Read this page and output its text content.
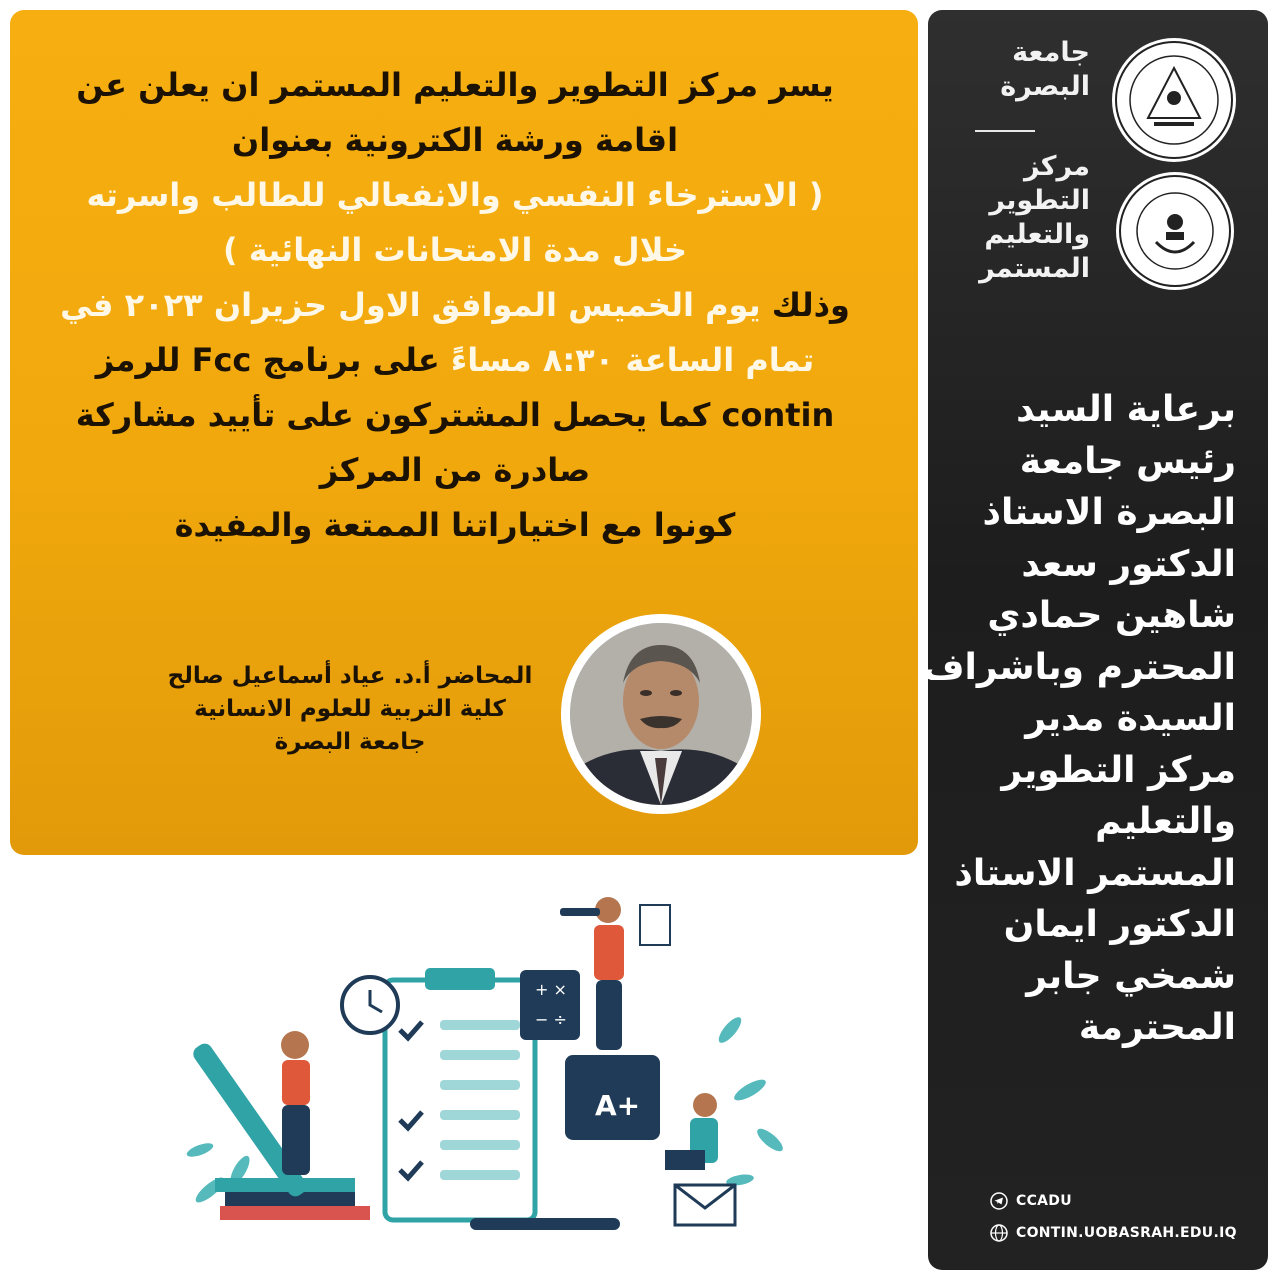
يسر مركز التطوير والتعليم المستمر ان يعلن عن
اقامة ورشة الكترونية بعنوان
( الاسترخاء النفسي والانفعالي للطالب واسرته
خلال مدة الامتحانات النهائية )
وذلك يوم الخميس الموافق الاول حزيران ٢٠٢٣ في
تمام الساعة ٨:٣٠ مساءً على برنامج Fcc للرمز
contin كما يحصل المشتركون على تأييد مشاركة
صادرة من المركز
كونوا مع اختياراتنا الممتعة والمفيدة
المحاضر أ.د. عياد أسماعيل صالح
كلية التربية للعلوم الانسانية
جامعة البصرة
جامعة
البصرة
مركز
التطوير
والتعليم
المستمر
برعاية السيد
رئيس جامعة
البصرة الاستاذ
الدكتور سعد
شاهين حمادي
المحترم وباشراف
السيدة مدير
مركز التطوير
والتعليم
المستمر الاستاذ
الدكتور ايمان
شمخي جابر
المحترمة
CCADU
CONTIN.UOBASRAH.EDU.IQ
+ ×
− ÷
A+
